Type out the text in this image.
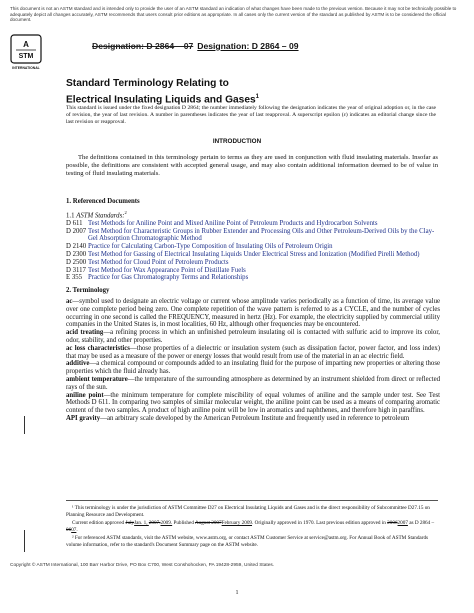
This document is not an ASTM standard and is intended only to provide the user of an ASTM standard an indication of what changes have been made to the previous version. Because it may not be technically possible to adequately depict all changes accurately, ASTM recommends that users consult prior editions as appropriate. In all cases only the current version of the standard as published by ASTM is to be considered the official document.
A
STM
INTERNATIONAL
Designation: D 2864 – 07 Designation: D 2864 – 09
Standard Terminology Relating to
Electrical Insulating Liquids and Gases$^1$
This standard is issued under the fixed designation D 2864; the number immediately following the designation indicates the year of original adoption or, in the case of revision, the year of last revision. A number in parentheses indicates the year of last reapproval. A superscript epsilon (ε) indicates an editorial change since the last revision or reapproval.
INTRODUCTION
The definitions contained in this terminology pertain to terms as they are used in conjunction with fluid insulating materials. Insofar as possible, the definitions are consistent with accepted general usage, and may also contain additional information deemed to be of value in testing of fluid insulating materials.
1. Referenced Documents
1.1 ASTM Standards:$^2$
D 611 Test Methods for Aniline Point and Mixed Aniline Point of Petroleum Products and Hydrocarbon Solvents
D 2007 Test Method for Characteristic Groups in Rubber Extender and Processing Oils and Other Petroleum-Derived Oils by the Clay-Gel Absorption Chromatographic Method
D 2140 Practice for Calculating Carbon-Type Composition of Insulating Oils of Petroleum Origin
D 2300 Test Method for Gassing of Electrical Insulating Liquids Under Electrical Stress and Ionization (Modified Pirelli Method)
D 2500 Test Method for Cloud Point of Petroleum Products
D 3117 Test Method for Wax Appearance Point of Distillate Fuels
E 355 Practice for Gas Chromatography Terms and Relationships
2. Terminology

ac—symbol used to designate an electric voltage or current whose amplitude varies periodically as a function of time, its average value over one complete period being zero. One complete repetition of the wave pattern is referred to as a CYCLE, and the number of cycles occurring in one second is called the FREQUENCY, measured in hertz (Hz). For example, the electricity supplied by commercial utility companies in the United States is, in most localities, 60 Hz, although other frequencies may be encountered.

acid treating—a refining process in which an unfinished petroleum insulating oil is contacted with sulfuric acid to improve its color, odor, stability, and other properties.

ac loss characteristics—those properties of a dielectric or insulation system (such as dissipation factor, power factor, and loss index) that may be used as a measure of the power or energy losses that would result from use of the material in an ac electric field.

additive—a chemical compound or compounds added to an insulating fluid for the purpose of imparting new properties or altering those properties which the fluid already has.

ambient temperature—the temperature of the surrounding atmosphere as determined by an instrument shielded from direct or reflected rays of the sun.

aniline point—the minimum temperature for complete miscibility of equal volumes of aniline and the sample under test. See Test Methods D 611. In comparing two samples of similar molecular weight, the aniline point can be used as a means of comparing aromatic content of the two samples. A product of high aniline point will be low in aromatics and naphthenes, and therefore high in paraffins.

API gravity—an arbitrary scale developed by the American Petroleum Institute and frequently used in reference to petroleum

¹ This terminology is under the jurisdiction of ASTM Committee D27 on Electrical Insulating Liquids and Gases and is the direct responsibility of Subcommittee D27.15 on Planning Resource and Development.

Current edition approved JulyJan. 1, 2007.2009. Published August 2007February 2009. Originally approved in 1970. Last previous edition approved in 20062007 as D 2864 – 0607.

² For referenced ASTM standards, visit the ASTM website, www.astm.org, or contact ASTM Customer Service at service@astm.org. For Annual Book of ASTM Standards volume information, refer to the standard's Document Summary page on the ASTM website.

Copyright © ASTM International, 100 Barr Harbor Drive, PO Box C700, West Conshohocken, PA 19428-2959, United States.
1
